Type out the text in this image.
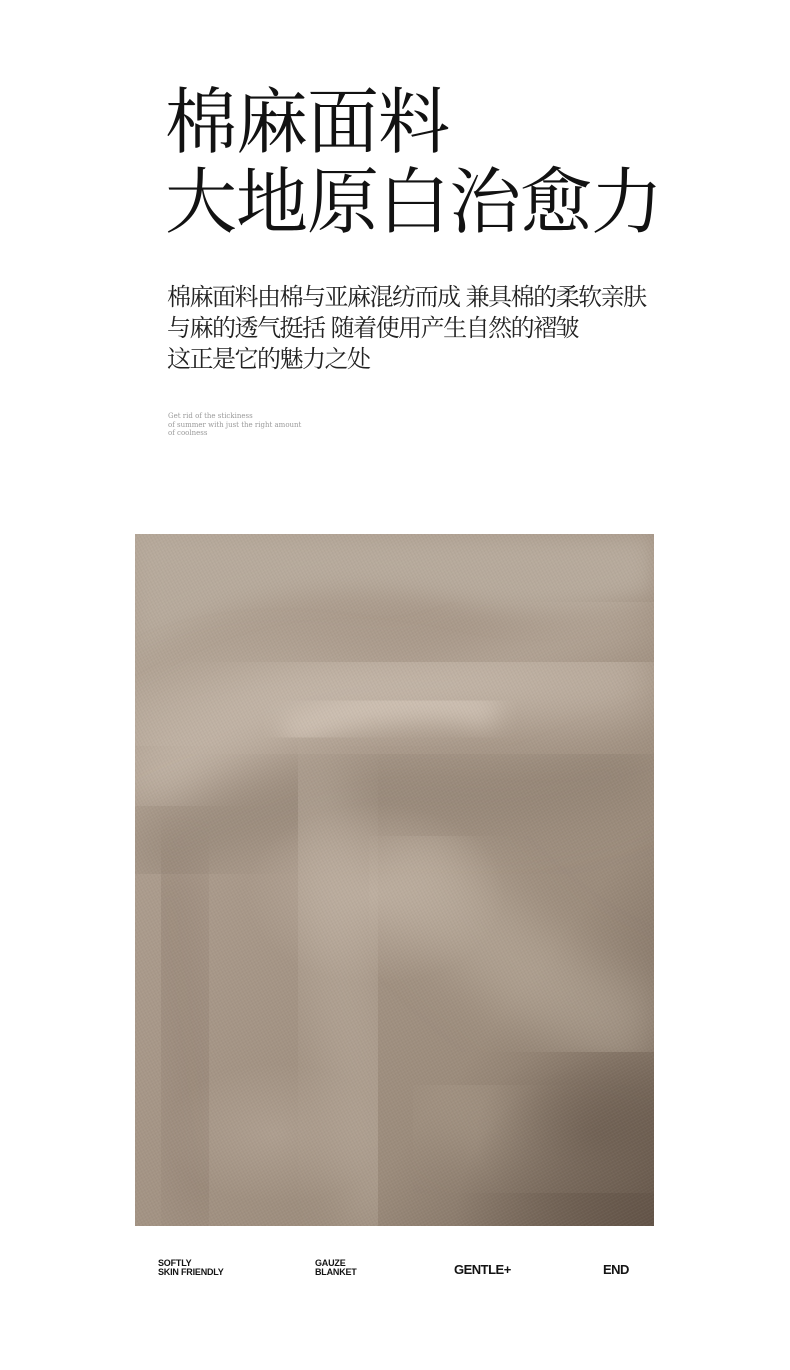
棉麻面料
大地原白治愈力

棉麻面料由棉与亚麻混纺而成 兼具棉的柔软亲肤
与麻的透气挺括 随着使用产生自然的褶皱
这正是它的魅力之处

Get rid of the stickiness
of summer with just the right amount
of coolness
SOFTLY
SKIN FRIENDLY
GAUZE
BLANKET	GENTLE+	END
